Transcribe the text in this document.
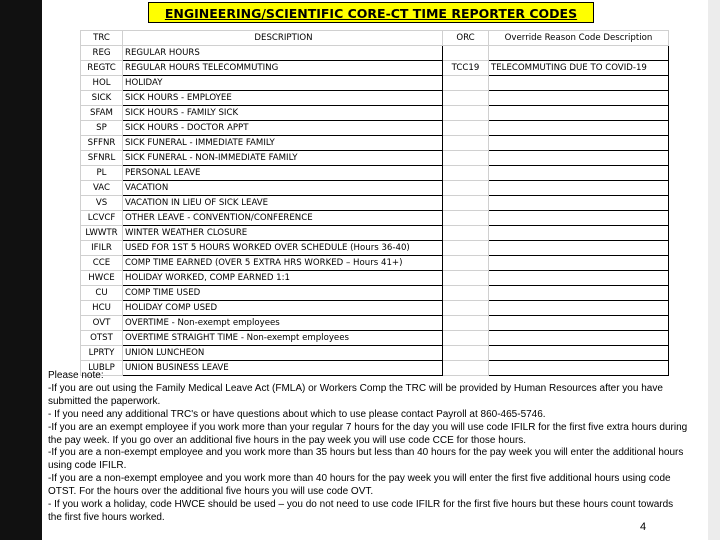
ENGINEERING/SCIENTIFIC CORE-CT TIME REPORTER CODES
TRC	DESCRIPTION	ORC	Override Reason Code Description
REG	REGULAR HOURS		
REGTC	REGULAR HOURS TELECOMMUTING	TCC19	TELECOMMUTING DUE TO COVID-19
HOL	HOLIDAY		
SICK	SICK HOURS - EMPLOYEE		
SFAM	SICK HOURS - FAMILY SICK		
SP	SICK HOURS - DOCTOR APPT		
SFFNR	SICK FUNERAL - IMMEDIATE FAMILY		
SFNRL	SICK FUNERAL - NON-IMMEDIATE FAMILY		
PL	PERSONAL LEAVE		
VAC	VACATION		
VS	VACATION IN LIEU OF SICK LEAVE		
LCVCF	OTHER LEAVE - CONVENTION/CONFERENCE		
LWWTR	WINTER WEATHER CLOSURE		
IFILR	USED FOR 1ST 5 HOURS WORKED OVER SCHEDULE (Hours 36-40)		
CCE	COMP TIME EARNED (OVER 5 EXTRA HRS WORKED – Hours 41+)		
HWCE	HOLIDAY WORKED, COMP EARNED 1:1		
CU	COMP TIME USED		
HCU	HOLIDAY COMP USED		
OVT	OVERTIME - Non-exempt employees		
OTST	OVERTIME STRAIGHT TIME - Non-exempt employees		
LPRTY	UNION LUNCHEON		
LUBLP	UNION BUSINESS LEAVE		

Please note:

-If you are out using the Family Medical Leave Act (FMLA) or Workers Comp the TRC will be provided by Human Resources after you have submitted the paperwork.

- If you need any additional TRC's or have questions about which to use please contact Payroll at 860-465-5746.

-If you are an exempt employee if you work more than your regular 7 hours for the day you will use code IFILR for the first five extra hours during the pay week. If you go over an additional five hours in the pay week you will use code CCE for those hours.

-If you are a non-exempt employee and you work more than 35 hours but less than 40 hours for the pay week you will enter the additional hours using code IFILR.

-If you are a non-exempt employee and you work more than 40 hours for the pay week you will enter the first five additional hours using code OTST. For the hours over the additional five hours you will use code OVT.

- If you work a holiday, code HWCE should be used – you do not need to use code IFILR for the first five hours but these hours count towards the first five hours worked.

4
